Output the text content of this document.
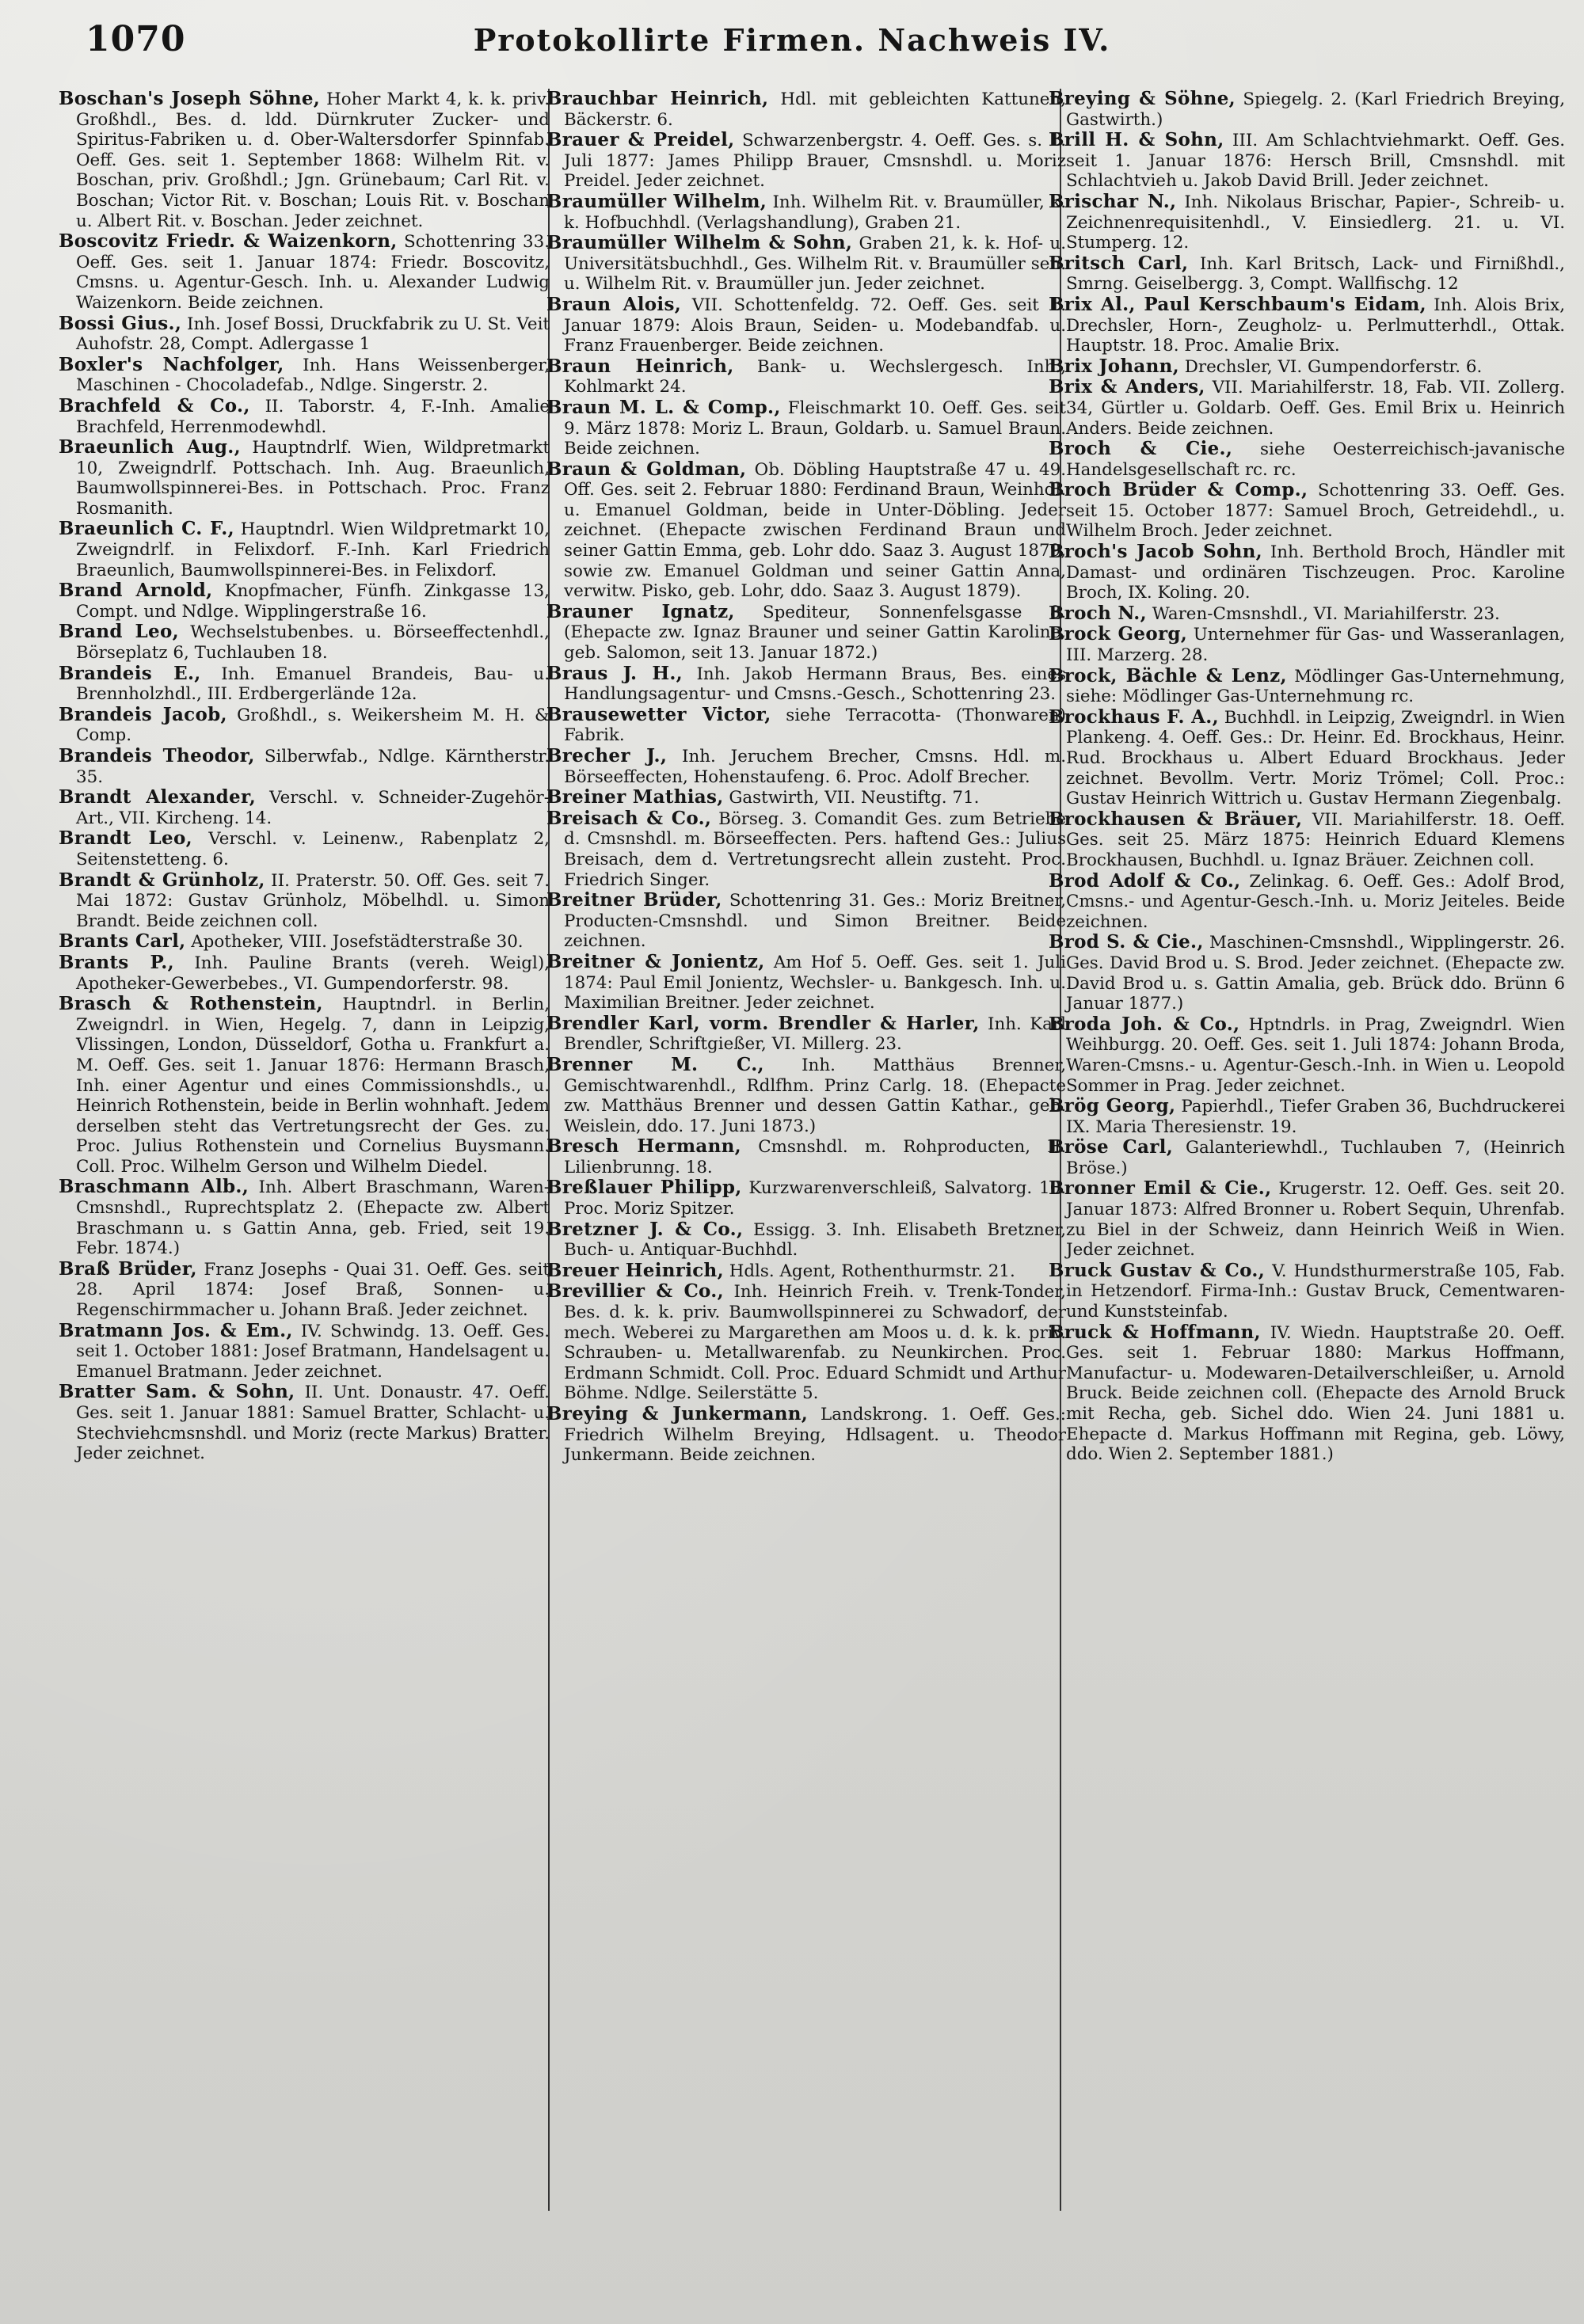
1070	Protokollirte Firmen. Nachweis IV.
Boschan's Joseph Söhne, Hoher Markt 4, k. k. priv. Großhdl., Bes. d. ldd. Dürnkruter Zucker- und Spiritus-Fabriken u. d. Ober-Waltersdorfer Spinnfab. Oeff. Ges. seit 1. September 1868: Wilhelm Rit. v. Boschan, priv. Großhdl.; Jgn. Grünebaum; Carl Rit. v. Boschan; Victor Rit. v. Boschan; Louis Rit. v. Boschan u. Albert Rit. v. Boschan. Jeder zeichnet.
Boscovitz Friedr. & Waizenkorn, Schottenring 33. Oeff. Ges. seit 1. Januar 1874: Friedr. Boscovitz, Cmsns. u. Agentur-Gesch. Inh. u. Alexander Ludwig Waizenkorn. Beide zeichnen.
Bossi Gius., Inh. Josef Bossi, Druckfabrik zu U. St. Veit Auhofstr. 28, Compt. Adlergasse 1
Boxler's Nachfolger, Inh. Hans Weissenberger, Maschinen - Chocoladefab., Ndlge. Singerstr. 2.
Brachfeld & Co., II. Taborstr. 4, F.-Inh. Amalie Brachfeld, Herrenmodewhdl.
Braeunlich Aug., Hauptndrlf. Wien, Wildpretmarkt 10, Zweigndrlf. Pottschach. Inh. Aug. Braeunlich, Baumwollspinnerei-Bes. in Pottschach. Proc. Franz Rosmanith.
Braeunlich C. F., Hauptndrl. Wien Wildpretmarkt 10, Zweigndrlf. in Felixdorf. F.-Inh. Karl Friedrich Braeunlich, Baumwollspinnerei-Bes. in Felixdorf.
Brand Arnold, Knopfmacher, Fünfh. Zinkgasse 13, Compt. und Ndlge. Wipplingerstraße 16.
Brand Leo, Wechselstubenbes. u. Börseeffectenhdl., Börseplatz 6, Tuchlauben 18.
Brandeis E., Inh. Emanuel Brandeis, Bau- u. Brennholzhdl., III. Erdbergerlände 12a.
Brandeis Jacob, Großhdl., s. Weikersheim M. H. & Comp.
Brandeis Theodor, Silberwfab., Ndlge. Kärntherstr. 35.
Brandt Alexander, Verschl. v. Schneider-Zugehör-Art., VII. Kircheng. 14.
Brandt Leo, Verschl. v. Leinenw., Rabenplatz 2, Seitenstetteng. 6.
Brandt & Grünholz, II. Praterstr. 50. Off. Ges. seit 7. Mai 1872: Gustav Grünholz, Möbelhdl. u. Simon Brandt. Beide zeichnen coll.
Brants Carl, Apotheker, VIII. Josefstädterstraße 30.
Brants P., Inh. Pauline Brants (vereh. Weigl), Apotheker-Gewerbebes., VI. Gumpendorferstr. 98.
Brasch & Rothenstein, Hauptndrl. in Berlin, Zweigndrl. in Wien, Hegelg. 7, dann in Leipzig, Vlissingen, London, Düsseldorf, Gotha u. Frankfurt a. M. Oeff. Ges. seit 1. Januar 1876: Hermann Brasch, Inh. einer Agentur und eines Commissionshdls., u. Heinrich Rothenstein, beide in Berlin wohnhaft. Jedem derselben steht das Vertretungsrecht der Ges. zu. Proc. Julius Rothenstein und Cornelius Buysmann. Coll. Proc. Wilhelm Gerson und Wilhelm Diedel.
Braschmann Alb., Inh. Albert Braschmann, Waren-Cmsnshdl., Ruprechtsplatz 2. (Ehepacte zw. Albert Braschmann u. s Gattin Anna, geb. Fried, seit 19. Febr. 1874.)
Braß Brüder, Franz Josephs - Quai 31. Oeff. Ges. seit 28. April 1874: Josef Braß, Sonnen- u. Regenschirmmacher u. Johann Braß. Jeder zeichnet.
Bratmann Jos. & Em., IV. Schwindg. 13. Oeff. Ges. seit 1. October 1881: Josef Bratmann, Handelsagent u. Emanuel Bratmann. Jeder zeichnet.
Bratter Sam. & Sohn, II. Unt. Donaustr. 47. Oeff. Ges. seit 1. Januar 1881: Samuel Bratter, Schlacht- u. Stechviehcmsnshdl. und Moriz (recte Markus) Bratter. Jeder zeichnet.
Brauchbar Heinrich, Hdl. mit gebleichten Kattunen, Bäckerstr. 6.
Brauer & Preidel, Schwarzenbergstr. 4. Oeff. Ges. s. 1. Juli 1877: James Philipp Brauer, Cmsnshdl. u. Moriz Preidel. Jeder zeichnet.
Braumüller Wilhelm, Inh. Wilhelm Rit. v. Braumüller, k. k. Hofbuchhdl. (Verlagshandlung), Graben 21.
Braumüller Wilhelm & Sohn, Graben 21, k. k. Hof- u. Universitätsbuchhdl., Ges. Wilhelm Rit. v. Braumüller sen. u. Wilhelm Rit. v. Braumüller jun. Jeder zeichnet.
Braun Alois, VII. Schottenfeldg. 72. Oeff. Ges. seit 1. Januar 1879: Alois Braun, Seiden- u. Modebandfab. u. Franz Frauenberger. Beide zeichnen.
Braun Heinrich, Bank- u. Wechslergesch. Inh., Kohlmarkt 24.
Braun M. L. & Comp., Fleischmarkt 10. Oeff. Ges. seit 9. März 1878: Moriz L. Braun, Goldarb. u. Samuel Braun. Beide zeichnen.
Braun & Goldman, Ob. Döbling Hauptstraße 47 u. 49. Off. Ges. seit 2. Februar 1880: Ferdinand Braun, Weinhdl. u. Emanuel Goldman, beide in Unter-Döbling. Jeder zeichnet. (Ehepacte zwischen Ferdinand Braun und seiner Gattin Emma, geb. Lohr ddo. Saaz 3. August 1879, sowie zw. Emanuel Goldman und seiner Gattin Anna, verwitw. Pisko, geb. Lohr, ddo. Saaz 3. August 1879).
Brauner Ignatz, Spediteur, Sonnenfelsgasse 8. (Ehepacte zw. Ignaz Brauner und seiner Gattin Karoline, geb. Salomon, seit 13. Januar 1872.)
Braus J. H., Inh. Jakob Hermann Braus, Bes. eines Handlungsagentur- und Cmsns.-Gesch., Schottenring 23.
Brausewetter Victor, siehe Terracotta- (Thonwaren) Fabrik.
Brecher J., Inh. Jeruchem Brecher, Cmsns. Hdl. m. Börseeffecten, Hohenstaufeng. 6. Proc. Adolf Brecher.
Breiner Mathias, Gastwirth, VII. Neustiftg. 71.
Breisach & Co., Börseg. 3. Comandit Ges. zum Betriebe d. Cmsnshdl. m. Börseeffecten. Pers. haftend Ges.: Julius Breisach, dem d. Vertretungsrecht allein zusteht. Proc. Friedrich Singer.
Breitner Brüder, Schottenring 31. Ges.: Moriz Breitner, Producten-Cmsnshdl. und Simon Breitner. Beide zeichnen.
Breitner & Jonientz, Am Hof 5. Oeff. Ges. seit 1. Juli 1874: Paul Emil Jonientz, Wechsler- u. Bankgesch. Inh. u. Maximilian Breitner. Jeder zeichnet.
Brendler Karl, vorm. Brendler & Harler, Inh. Karl Brendler, Schriftgießer, VI. Millerg. 23.
Brenner M. C., Inh. Matthäus Brenner, Gemischtwarenhdl., Rdlfhm. Prinz Carlg. 18. (Ehepacte zw. Matthäus Brenner und dessen Gattin Kathar., geb. Weislein, ddo. 17. Juni 1873.)
Bresch Hermann, Cmsnshdl. m. Rohproducten, II. Lilienbrunng. 18.
Breßlauer Philipp, Kurzwarenverschleiß, Salvatorg. 10. Proc. Moriz Spitzer.
Bretzner J. & Co., Essigg. 3. Inh. Elisabeth Bretzner, Buch- u. Antiquar-Buchhdl.
Breuer Heinrich, Hdls. Agent, Rothenthurmstr. 21.
Brevillier & Co., Inh. Heinrich Freih. v. Trenk-Tonder, Bes. d. k. k. priv. Baumwollspinnerei zu Schwadorf, der mech. Weberei zu Margarethen am Moos u. d. k. k. priv. Schrauben- u. Metallwarenfab. zu Neunkirchen. Proc. Erdmann Schmidt. Coll. Proc. Eduard Schmidt und Arthur Böhme. Ndlge. Seilerstätte 5.
Breying & Junkermann, Landskrong. 1. Oeff. Ges.: Friedrich Wilhelm Breying, Hdlsagent. u. Theodor Junkermann. Beide zeichnen.
Breying & Söhne, Spiegelg. 2. (Karl Friedrich Breying, Gastwirth.)
Brill H. & Sohn, III. Am Schlachtviehmarkt. Oeff. Ges. seit 1. Januar 1876: Hersch Brill, Cmsnshdl. mit Schlachtvieh u. Jakob David Brill. Jeder zeichnet.
Brischar N., Inh. Nikolaus Brischar, Papier-, Schreib- u. Zeichnenrequisitenhdl., V. Einsiedlerg. 21. u. VI. Stumperg. 12.
Britsch Carl, Inh. Karl Britsch, Lack- und Firnißhdl., Smrng. Geiselbergg. 3, Compt. Wallfischg. 12
Brix Al., Paul Kerschbaum's Eidam, Inh. Alois Brix, Drechsler, Horn-, Zeugholz- u. Perlmutterhdl., Ottak. Hauptstr. 18. Proc. Amalie Brix.
Brix Johann, Drechsler, VI. Gumpendorferstr. 6.
Brix & Anders, VII. Mariahilferstr. 18, Fab. VII. Zollerg. 34, Gürtler u. Goldarb. Oeff. Ges. Emil Brix u. Heinrich Anders. Beide zeichnen.
Broch & Cie., siehe Oesterreichisch-javanische Handelsgesellschaft rc. rc.
Broch Brüder & Comp., Schottenring 33. Oeff. Ges. seit 15. October 1877: Samuel Broch, Getreidehdl., u. Wilhelm Broch. Jeder zeichnet.
Broch's Jacob Sohn, Inh. Berthold Broch, Händler mit Damast- und ordinären Tischzeugen. Proc. Karoline Broch, IX. Koling. 20.
Broch N., Waren-Cmsnshdl., VI. Mariahilferstr. 23.
Brock Georg, Unternehmer für Gas- und Wasseranlagen, III. Marzerg. 28.
Brock, Bächle & Lenz, Mödlinger Gas-Unternehmung, siehe: Mödlinger Gas-Unternehmung rc.
Brockhaus F. A., Buchhdl. in Leipzig, Zweigndrl. in Wien Plankeng. 4. Oeff. Ges.: Dr. Heinr. Ed. Brockhaus, Heinr. Rud. Brockhaus u. Albert Eduard Brockhaus. Jeder zeichnet. Bevollm. Vertr. Moriz Trömel; Coll. Proc.: Gustav Heinrich Wittrich u. Gustav Hermann Ziegenbalg.
Brockhausen & Bräuer, VII. Mariahilferstr. 18. Oeff. Ges. seit 25. März 1875: Heinrich Eduard Klemens Brockhausen, Buchhdl. u. Ignaz Bräuer. Zeichnen coll.
Brod Adolf & Co., Zelinkag. 6. Oeff. Ges.: Adolf Brod, Cmsns.- und Agentur-Gesch.-Inh. u. Moriz Jeiteles. Beide zeichnen.
Brod S. & Cie., Maschinen-Cmsnshdl., Wipplingerstr. 26. Ges. David Brod u. S. Brod. Jeder zeichnet. (Ehepacte zw. David Brod u. s. Gattin Amalia, geb. Brück ddo. Brünn 6 Januar 1877.)
Broda Joh. & Co., Hptndrls. in Prag, Zweigndrl. Wien Weihburgg. 20. Oeff. Ges. seit 1. Juli 1874: Johann Broda, Waren-Cmsns.- u. Agentur-Gesch.-Inh. in Wien u. Leopold Sommer in Prag. Jeder zeichnet.
Brög Georg, Papierhdl., Tiefer Graben 36, Buchdruckerei IX. Maria Theresienstr. 19.
Bröse Carl, Galanteriewhdl., Tuchlauben 7, (Heinrich Bröse.)
Bronner Emil & Cie., Krugerstr. 12. Oeff. Ges. seit 20. Januar 1873: Alfred Bronner u. Robert Sequin, Uhrenfab. zu Biel in der Schweiz, dann Heinrich Weiß in Wien. Jeder zeichnet.
Bruck Gustav & Co., V. Hundsthurmerstraße 105, Fab. in Hetzendorf. Firma-Inh.: Gustav Bruck, Cementwaren- und Kunststeinfab.
Bruck & Hoffmann, IV. Wiedn. Hauptstraße 20. Oeff. Ges. seit 1. Februar 1880: Markus Hoffmann, Manufactur- u. Modewaren-Detailverschleißer, u. Arnold Bruck. Beide zeichnen coll. (Ehepacte des Arnold Bruck mit Recha, geb. Sichel ddo. Wien 24. Juni 1881 u. Ehepacte d. Markus Hoffmann mit Regina, geb. Löwy, ddo. Wien 2. September 1881.)
